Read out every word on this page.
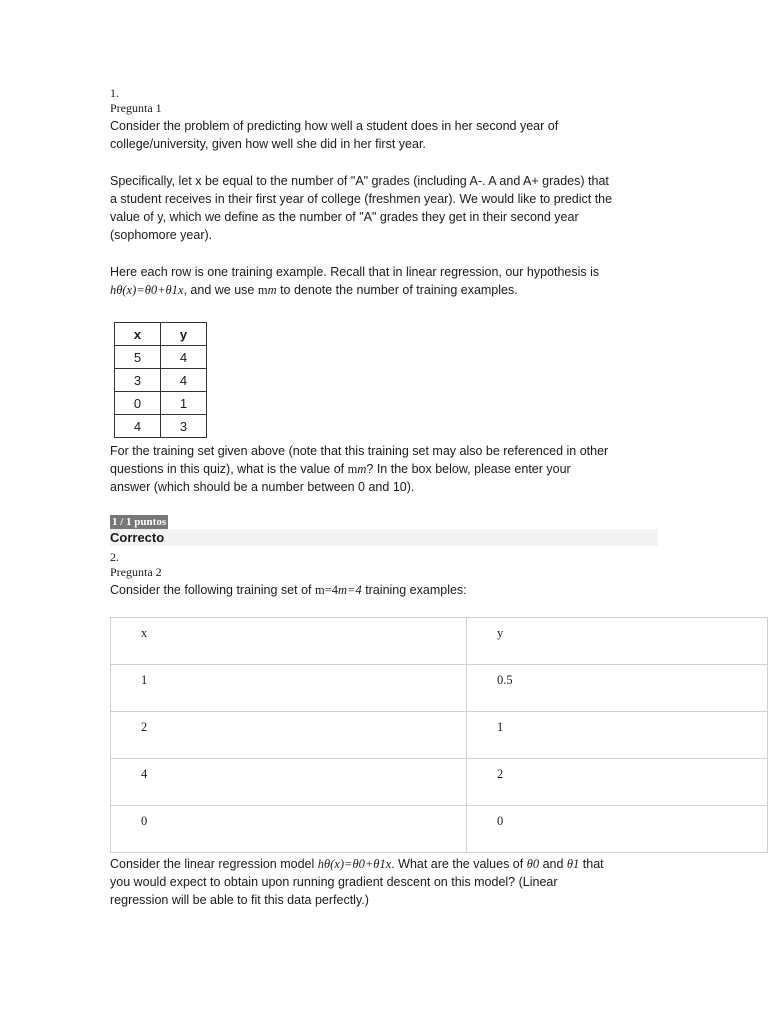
1.
Pregunta 1
Consider the problem of predicting how well a student does in her second year of
college/university, given how well she did in her first year.
Specifically, let x be equal to the number of "A" grades (including A-. A and A+ grades) that
a student receives in their first year of college (freshmen year). We would like to predict the
value of y, which we define as the number of "A" grades they get in their second year
(sophomore year).
Here each row is one training example. Recall that in linear regression, our hypothesis is
hθ(x)=θ0+θ1x, and we use mm to denote the number of training examples.
x	y
5	4
3	4
0	1
4	3
For the training set given above (note that this training set may also be referenced in other
questions in this quiz), what is the value of mm? In the box below, please enter your
answer (which should be a number between 0 and 10).
1 / 1 puntos
Correcto
2.
Pregunta 2
Consider the following training set of m=4m=4 training examples:
x	y
1	0.5
2	1
4	2
0	0
Consider the linear regression model hθ(x)=θ0+θ1x. What are the values of θ0 and θ1 that
you would expect to obtain upon running gradient descent on this model? (Linear
regression will be able to fit this data perfectly.)
